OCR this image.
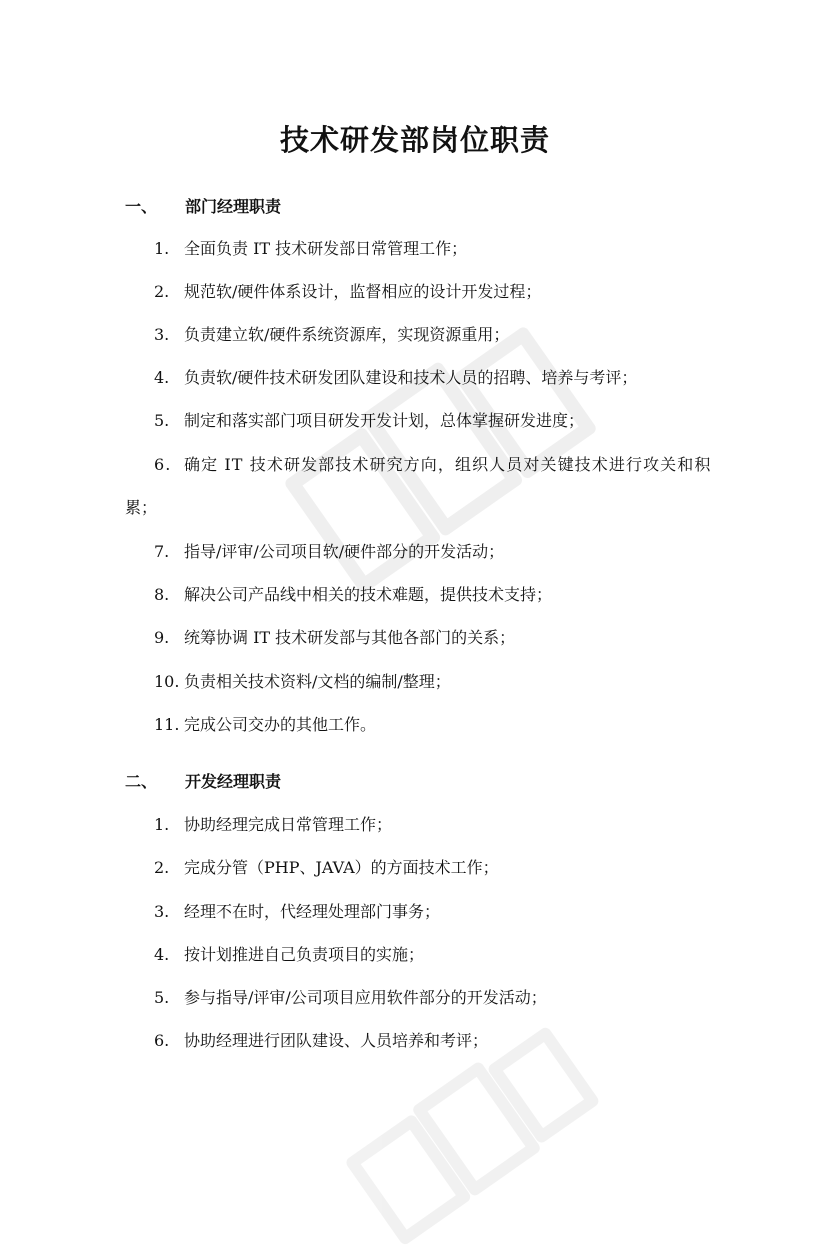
技术研发部岗位职责
一、 部门经理职责
1. 全面负责 IT 技术研发部日常管理工作；
2. 规范软/硬件体系设计，监督相应的设计开发过程；
3. 负责建立软/硬件系统资源库，实现资源重用；
4. 负责软/硬件技术研发团队建设和技术人员的招聘、培养与考评；
5. 制定和落实部门项目研发开发计划，总体掌握研发进度；
6. 确定 IT 技术研发部技术研究方向，组织人员对关键技术进行攻关和积
累；
7. 指导/评审/公司项目软/硬件部分的开发活动；
8. 解决公司产品线中相关的技术难题，提供技术支持；
9. 统筹协调 IT 技术研发部与其他各部门的关系；
10. 负责相关技术资料/文档的编制/整理；
11. 完成公司交办的其他工作。
二、 开发经理职责
1. 协助经理完成日常管理工作；
2. 完成分管（PHP、JAVA）的方面技术工作；
3. 经理不在时，代经理处理部门事务；
4. 按计划推进自己负责项目的实施；
5. 参与指导/评审/公司项目应用软件部分的开发活动；
6. 协助经理进行团队建设、人员培养和考评；
